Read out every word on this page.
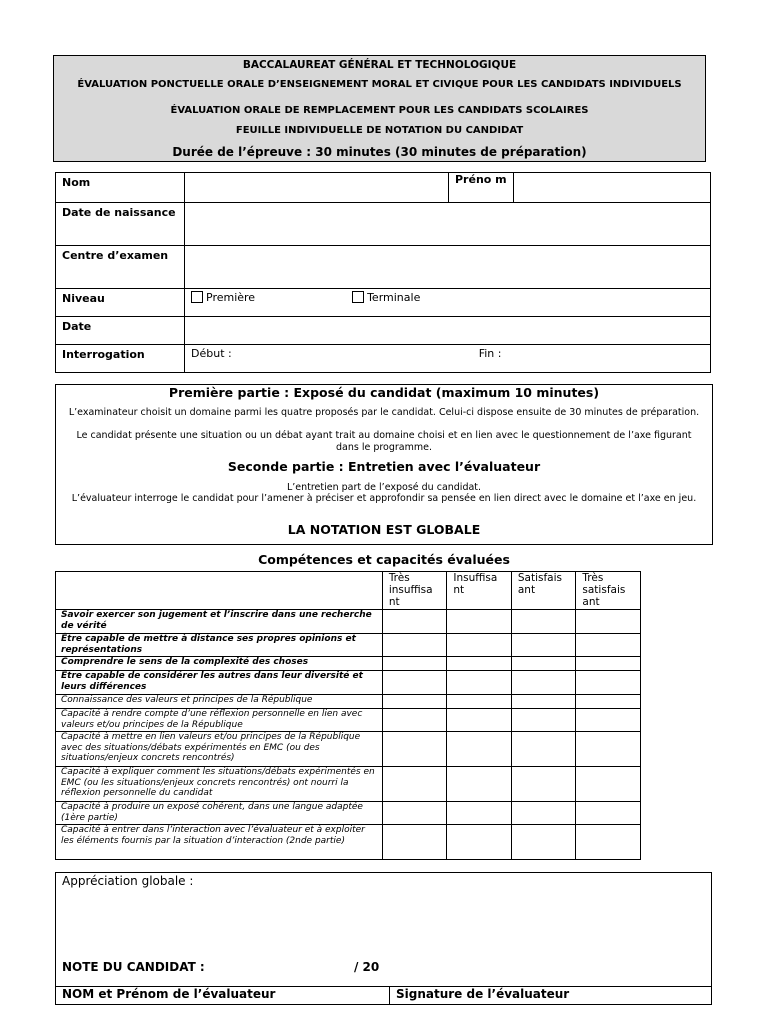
BACCALAUREAT GÉNÉRAL ET TECHNOLOGIQUE
ÉVALUATION PONCTUELLE ORALE D’ENSEIGNEMENT MORAL ET CIVIQUE POUR LES CANDIDATS INDIVIDUELS
ÉVALUATION ORALE DE REMPLACEMENT POUR LES CANDIDATS SCOLAIRES
FEUILLE INDIVIDUELLE DE NOTATION DU CANDIDAT
Durée de l’épreuve : 30 minutes (30 minutes de préparation)
Nom		Préno m	
Date de naissance			
Centre d’examen			
Niveau	Première Terminale		
Date			
Interrogation	Début : Fin :		
Première partie : Exposé du candidat (maximum 10 minutes)
L’examinateur choisit un domaine parmi les quatre proposés par le candidat. Celui-ci dispose ensuite de 30 minutes de préparation.
Le candidat présente une situation ou un débat ayant trait au domaine choisi et en lien avec le questionnement de l’axe figurant dans le programme.
Seconde partie : Entretien avec l’évaluateur
L’entretien part de l’exposé du candidat.
L’évaluateur interroge le candidat pour l’amener à préciser et approfondir sa pensée en lien direct avec le domaine et l’axe en jeu.
LA NOTATION EST GLOBALE
Compétences et capacités évaluées
	Très insuffisa nt	Insuffisa nt	Satisfais ant	Très satisfais ant
Savoir exercer son jugement et l’inscrire dans une recherche de vérité				
Être capable de mettre à distance ses propres opinions et représentations				
Comprendre le sens de la complexité des choses				
Être capable de considérer les autres dans leur diversité et leurs différences				
Connaissance des valeurs et principes de la République				
Capacité à rendre compte d’une réflexion personnelle en lien avec valeurs et/ou principes de la République				
Capacité à mettre en lien valeurs et/ou principes de la République avec des situations/débats expérimentés en EMC (ou des situations/enjeux concrets rencontrés)				
Capacité à expliquer comment les situations/débats expérimentés en EMC (ou les situations/enjeux concrets rencontrés) ont nourri la réflexion personnelle du candidat				
Capacité à produire un exposé cohérent, dans une langue adaptée (1ère partie)				
Capacité à entrer dans l’interaction avec l’évaluateur et à exploiter les éléments fournis par la situation d’interaction (2nde partie)				
Appréciation globale :
NOTE DU CANDIDAT :	/ 20
NOM et Prénom de l’évaluateur	Signature de l’évaluateur
